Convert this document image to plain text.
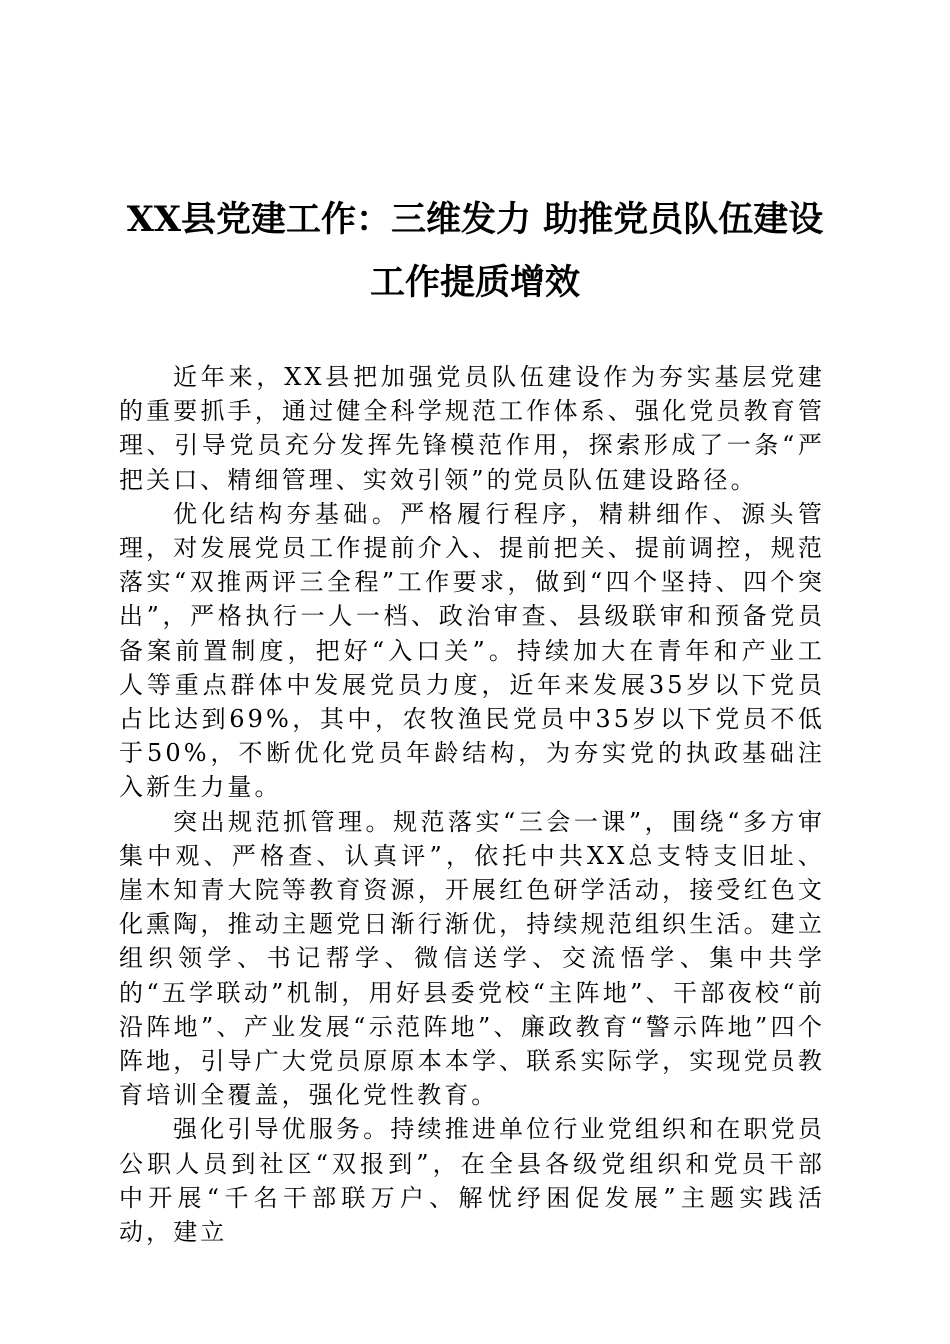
XX县党建工作：三维发力 助推党员队伍建设
工作提质增效

近年来，XX县把加强党员队伍建设作为夯实基层党建的重要抓手，通过健全科学规范工作体系、强化党员教育管理、引导党员充分发挥先锋模范作用，探索形成了一条“严把关口、精细管理、实效引领”的党员队伍建设路径。

优化结构夯基础。严格履行程序，精耕细作、源头管理，对发展党员工作提前介入、提前把关、提前调控，规范落实“双推两评三全程”工作要求，做到“四个坚持、四个突出”，严格执行一人一档、政治审查、县级联审和预备党员备案前置制度，把好“入口关”。持续加大在青年和产业工人等重点群体中发展党员力度，近年来发展35岁以下党员占比达到69%，其中，农牧渔民党员中35岁以下党员不低于50%，不断优化党员年龄结构，为夯实党的执政基础注入新生力量。

突出规范抓管理。规范落实“三会一课”，围绕“多方审集中观、严格查、认真评”，依托中共XX总支特支旧址、崖木知青大院等教育资源，开展红色研学活动，接受红色文化熏陶，推动主题党日渐行渐优，持续规范组织生活。建立组织领学、书记帮学、微信送学、交流悟学、集中共学的“五学联动”机制，用好县委党校“主阵地”、干部夜校“前沿阵地”、产业发展“示范阵地”、廉政教育“警示阵地”四个阵地，引导广大党员原原本本学、联系实际学，实现党员教育培训全覆盖，强化党性教育。

强化引导优服务。持续推进单位行业党组织和在职党员公职人员到社区“双报到”，在全县各级党组织和党员干部中开展“千名干部联万户、解忧纾困促发展”主题实践活动，建立
